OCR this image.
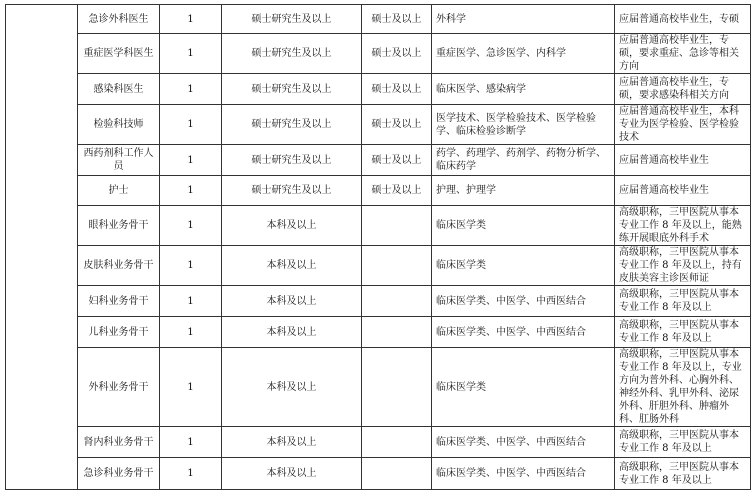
	急诊外科医生	1	硕士研究生及以上	硕士及以上	外科学	应届普通高校毕业生，专硕
	重症医学科医生	1	硕士研究生及以上	硕士及以上	重症医学、急诊医学、内科学	应届普通高校毕业生，专硕，要求重症、急诊等相关方向
	感染科医生	1	硕士研究生及以上	硕士及以上	临床医学、感染病学	应届普通高校毕业生，专硕，要求感染科相关方向
	检验科技师	1	硕士研究生及以上	硕士及以上	医学技术、医学检验技术、医学检验学、临床检验诊断学	应届普通高校毕业生，本科专业为医学检验、医学检验技术
	西药剂科工作人员	1	硕士研究生及以上	硕士及以上	药学、药理学、药剂学、药物分析学、临床药学	应届普通高校毕业生
	护士	1	硕士研究生及以上	硕士及以上	护理、护理学	应届普通高校毕业生
	眼科业务骨干	1	本科及以上		临床医学类	高级职称，三甲医院从事本专业工作 8 年及以上，能熟练开展眼底外科手术
	皮肤科业务骨干	1	本科及以上		临床医学类	高级职称，三甲医院从事本专业工作 8 年及以上，持有皮肤美容主诊医师证
	妇科业务骨干	1	本科及以上		临床医学类、中医学、中西医结合	高级职称，三甲医院从事本专业工作 8 年及以上
	儿科业务骨干	1	本科及以上		临床医学类、中医学、中西医结合	高级职称，三甲医院从事本专业工作 8 年及以上
	外科业务骨干	1	本科及以上		临床医学类	高级职称，三甲医院从事本专业工作 8 年及以上，专业方向为普外科、心胸外科、神经外科、乳甲外科、泌尿外科、肝胆外科、肿瘤外科、肛肠外科
	肾内科业务骨干	1	本科及以上		临床医学类、中医学、中西医结合	高级职称，三甲医院从事本专业工作 8 年及以上
	急诊科业务骨干	1	本科及以上		临床医学类、中医学、中西医结合	高级职称，三甲医院从事本专业工作 8 年及以上
